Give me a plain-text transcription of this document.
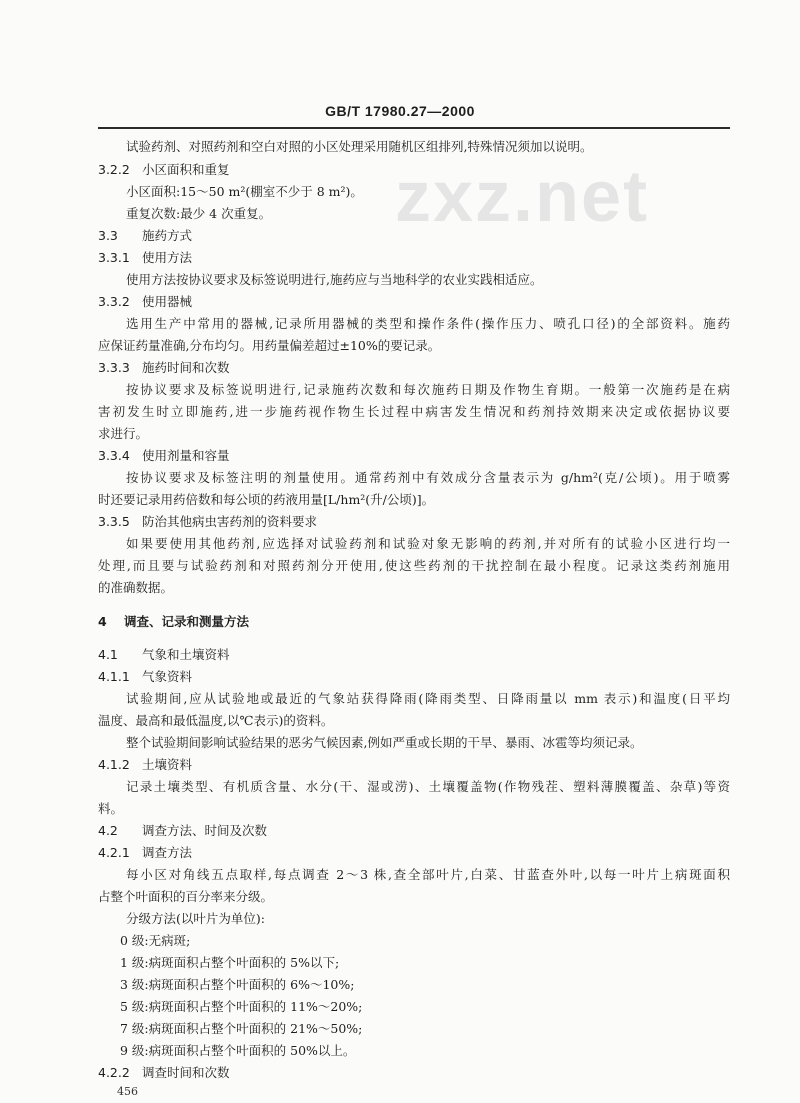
GB/T 17980.27—2000
zxz.net
试验药剂、对照药剂和空白对照的小区处理采用随机区组排列,特殊情况须加以说明。
3.2.2 小区面积和重复
小区面积:15～50 m²(棚室不少于 8 m²)。
重复次数:最少 4 次重复。
3.3 施药方式
3.3.1 使用方法
使用方法按协议要求及标签说明进行,施药应与当地科学的农业实践相适应。
3.3.2 使用器械
选用生产中常用的器械,记录所用器械的类型和操作条件(操作压力、喷孔口径)的全部资料。施药
应保证药量准确,分布均匀。用药量偏差超过±10%的要记录。
3.3.3 施药时间和次数
按协议要求及标签说明进行,记录施药次数和每次施药日期及作物生育期。一般第一次施药是在病
害初发生时立即施药,进一步施药视作物生长过程中病害发生情况和药剂持效期来决定或依据协议要
求进行。
3.3.4 使用剂量和容量
按协议要求及标签注明的剂量使用。通常药剂中有效成分含量表示为 g/hm²(克/公顷)。用于喷雾
时还要记录用药倍数和每公顷的药液用量[L/hm²(升/公顷)]。
3.3.5 防治其他病虫害药剂的资料要求
如果要使用其他药剂,应选择对试验药剂和试验对象无影响的药剂,并对所有的试验小区进行均一
处理,而且要与试验药剂和对照药剂分开使用,使这些药剂的干扰控制在最小程度。记录这类药剂施用
的准确数据。
4 调查、记录和测量方法
4.1 气象和土壤资料
4.1.1 气象资料
试验期间,应从试验地或最近的气象站获得降雨(降雨类型、日降雨量以 mm 表示)和温度(日平均
温度、最高和最低温度,以℃表示)的资料。
整个试验期间影响试验结果的恶劣气候因素,例如严重或长期的干旱、暴雨、冰雹等均须记录。
4.1.2 土壤资料
记录土壤类型、有机质含量、水分(干、湿或涝)、土壤覆盖物(作物残茬、塑料薄膜覆盖、杂草)等资
料。
4.2 调查方法、时间及次数
4.2.1 调查方法
每小区对角线五点取样,每点调查 2～3 株,查全部叶片,白菜、甘蓝查外叶,以每一叶片上病斑面积
占整个叶面积的百分率来分级。
分级方法(以叶片为单位):
0 级:无病斑;
1 级:病斑面积占整个叶面积的 5%以下;
3 级:病斑面积占整个叶面积的 6%～10%;
5 级:病斑面积占整个叶面积的 11%～20%;
7 级:病斑面积占整个叶面积的 21%～50%;
9 级:病斑面积占整个叶面积的 50%以上。
4.2.2 调查时间和次数
456
